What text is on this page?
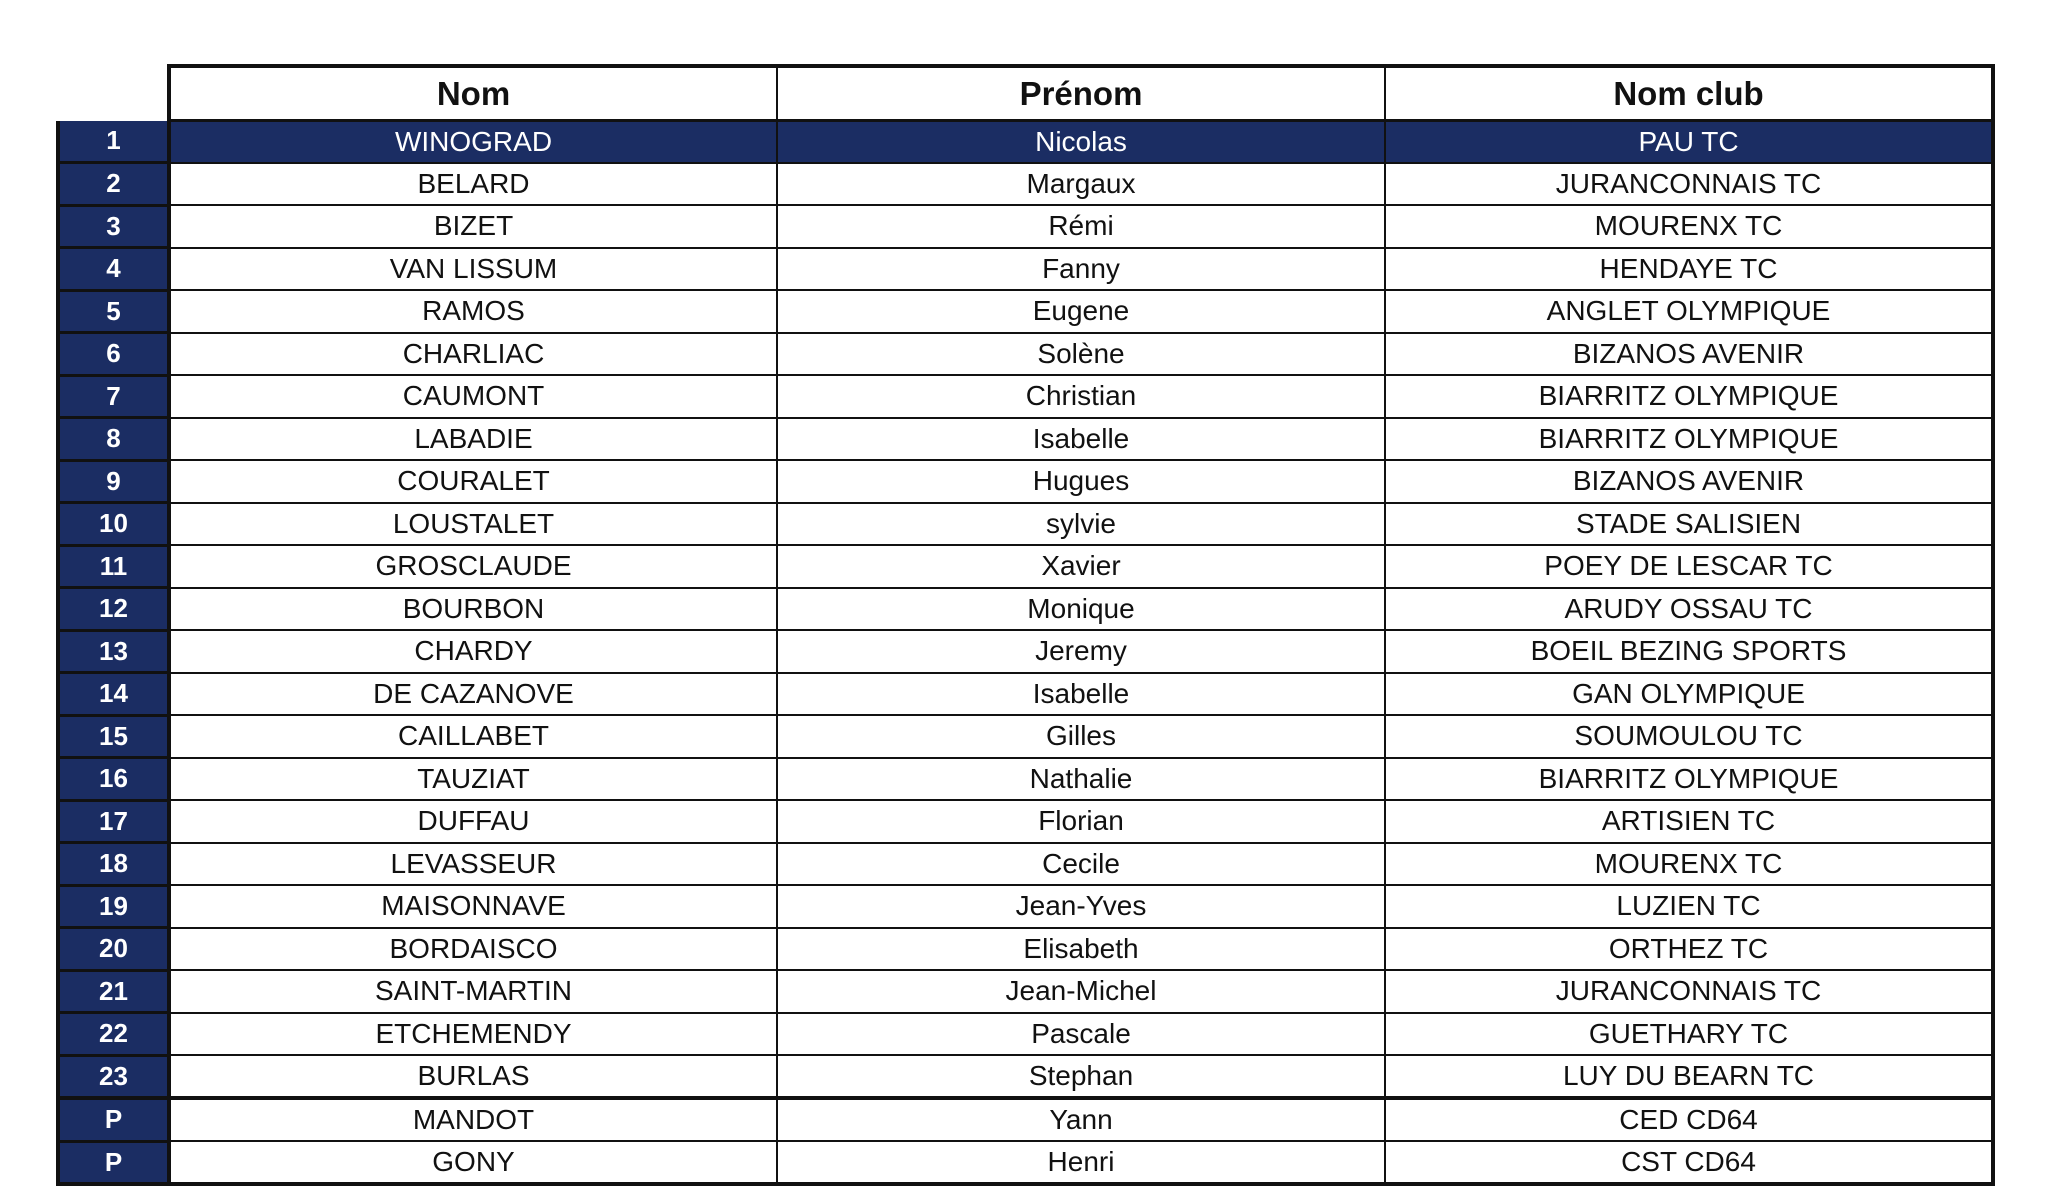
	Nom	Prénom	Nom club
1	WINOGRAD	Nicolas	PAU TC
2	BELARD	Margaux	JURANCONNAIS TC
3	BIZET	Rémi	MOURENX TC
4	VAN LISSUM	Fanny	HENDAYE TC
5	RAMOS	Eugene	ANGLET OLYMPIQUE
6	CHARLIAC	Solène	BIZANOS AVENIR
7	CAUMONT	Christian	BIARRITZ OLYMPIQUE
8	LABADIE	Isabelle	BIARRITZ OLYMPIQUE
9	COURALET	Hugues	BIZANOS AVENIR
10	LOUSTALET	sylvie	STADE SALISIEN
11	GROSCLAUDE	Xavier	POEY DE LESCAR TC
12	BOURBON	Monique	ARUDY OSSAU TC
13	CHARDY	Jeremy	BOEIL BEZING SPORTS
14	DE CAZANOVE	Isabelle	GAN OLYMPIQUE
15	CAILLABET	Gilles	SOUMOULOU TC
16	TAUZIAT	Nathalie	BIARRITZ OLYMPIQUE
17	DUFFAU	Florian	ARTISIEN TC
18	LEVASSEUR	Cecile	MOURENX TC
19	MAISONNAVE	Jean-Yves	LUZIEN TC
20	BORDAISCO	Elisabeth	ORTHEZ TC
21	SAINT-MARTIN	Jean-Michel	JURANCONNAIS TC
22	ETCHEMENDY	Pascale	GUETHARY TC
23	BURLAS	Stephan	LUY DU BEARN TC
P	MANDOT	Yann	CED CD64
P	GONY	Henri	CST CD64
